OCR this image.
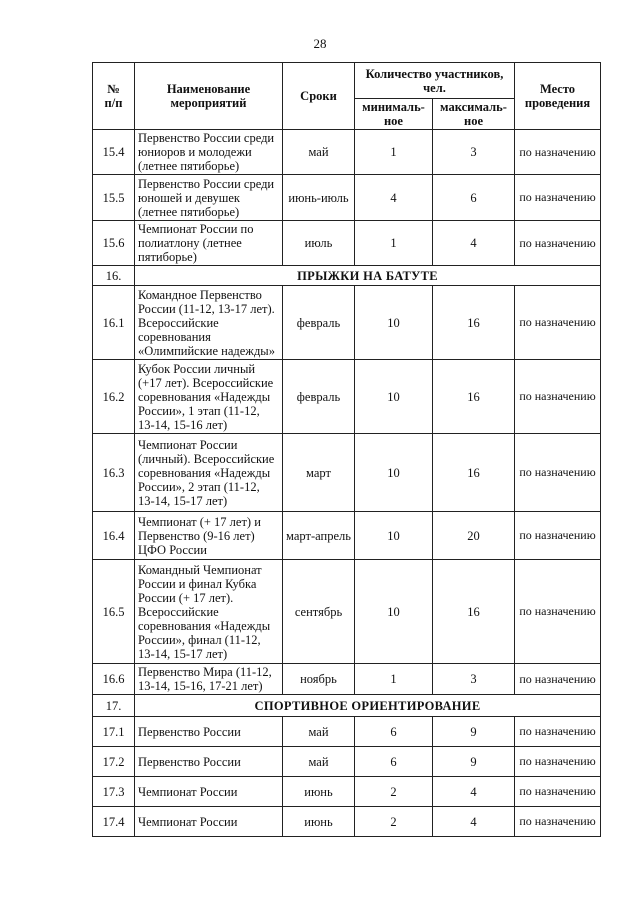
28
№
п/п	Наименование мероприятий	Сроки	Количество участников, чел.		Место проведения
			минималь-ное	максималь-ное	
15.4	Первенство России среди юниоров и молодежи (летнее пятиборье)	май	1	3	по назначению
15.5	Первенство России среди юношей и девушек (летнее пятиборье)	июнь-июль	4	6	по назначению
15.6	Чемпионат России по полиатлону (летнее пятиборье)	июль	1	4	по назначению
16.	ПРЫЖКИ НА БАТУТЕ				
16.1	Командное Первенство России (11-12, 13-17 лет). Всероссийские соревнования «Олимпийские надежды»	февраль	10	16	по назначению
16.2	Кубок России личный (+17 лет). Всероссийские соревнования «Надежды России», 1 этап (11-12, 13-14, 15-16 лет)	февраль	10	16	по назначению
16.3	Чемпионат России (личный). Всероссийские соревнования «Надежды России», 2 этап (11-12, 13-14, 15-17 лет)	март	10	16	по назначению
16.4	Чемпионат (+ 17 лет) и Первенство (9-16 лет) ЦФО России	март-апрель	10	20	по назначению
16.5	Командный Чемпионат России и финал Кубка России (+ 17 лет). Всероссийские соревнования «Надежды России», финал (11-12, 13-14, 15-17 лет)	сентябрь	10	16	по назначению
16.6	Первенство Мира (11-12, 13-14, 15-16, 17-21 лет)	ноябрь	1	3	по назначению
17.	СПОРТИВНОЕ ОРИЕНТИРОВАНИЕ				
17.1	Первенство России	май	6	9	по назначению
17.2	Первенство России	май	6	9	по назначению
17.3	Чемпионат России	июнь	2	4	по назначению
17.4	Чемпионат России	июнь	2	4	по назначению
